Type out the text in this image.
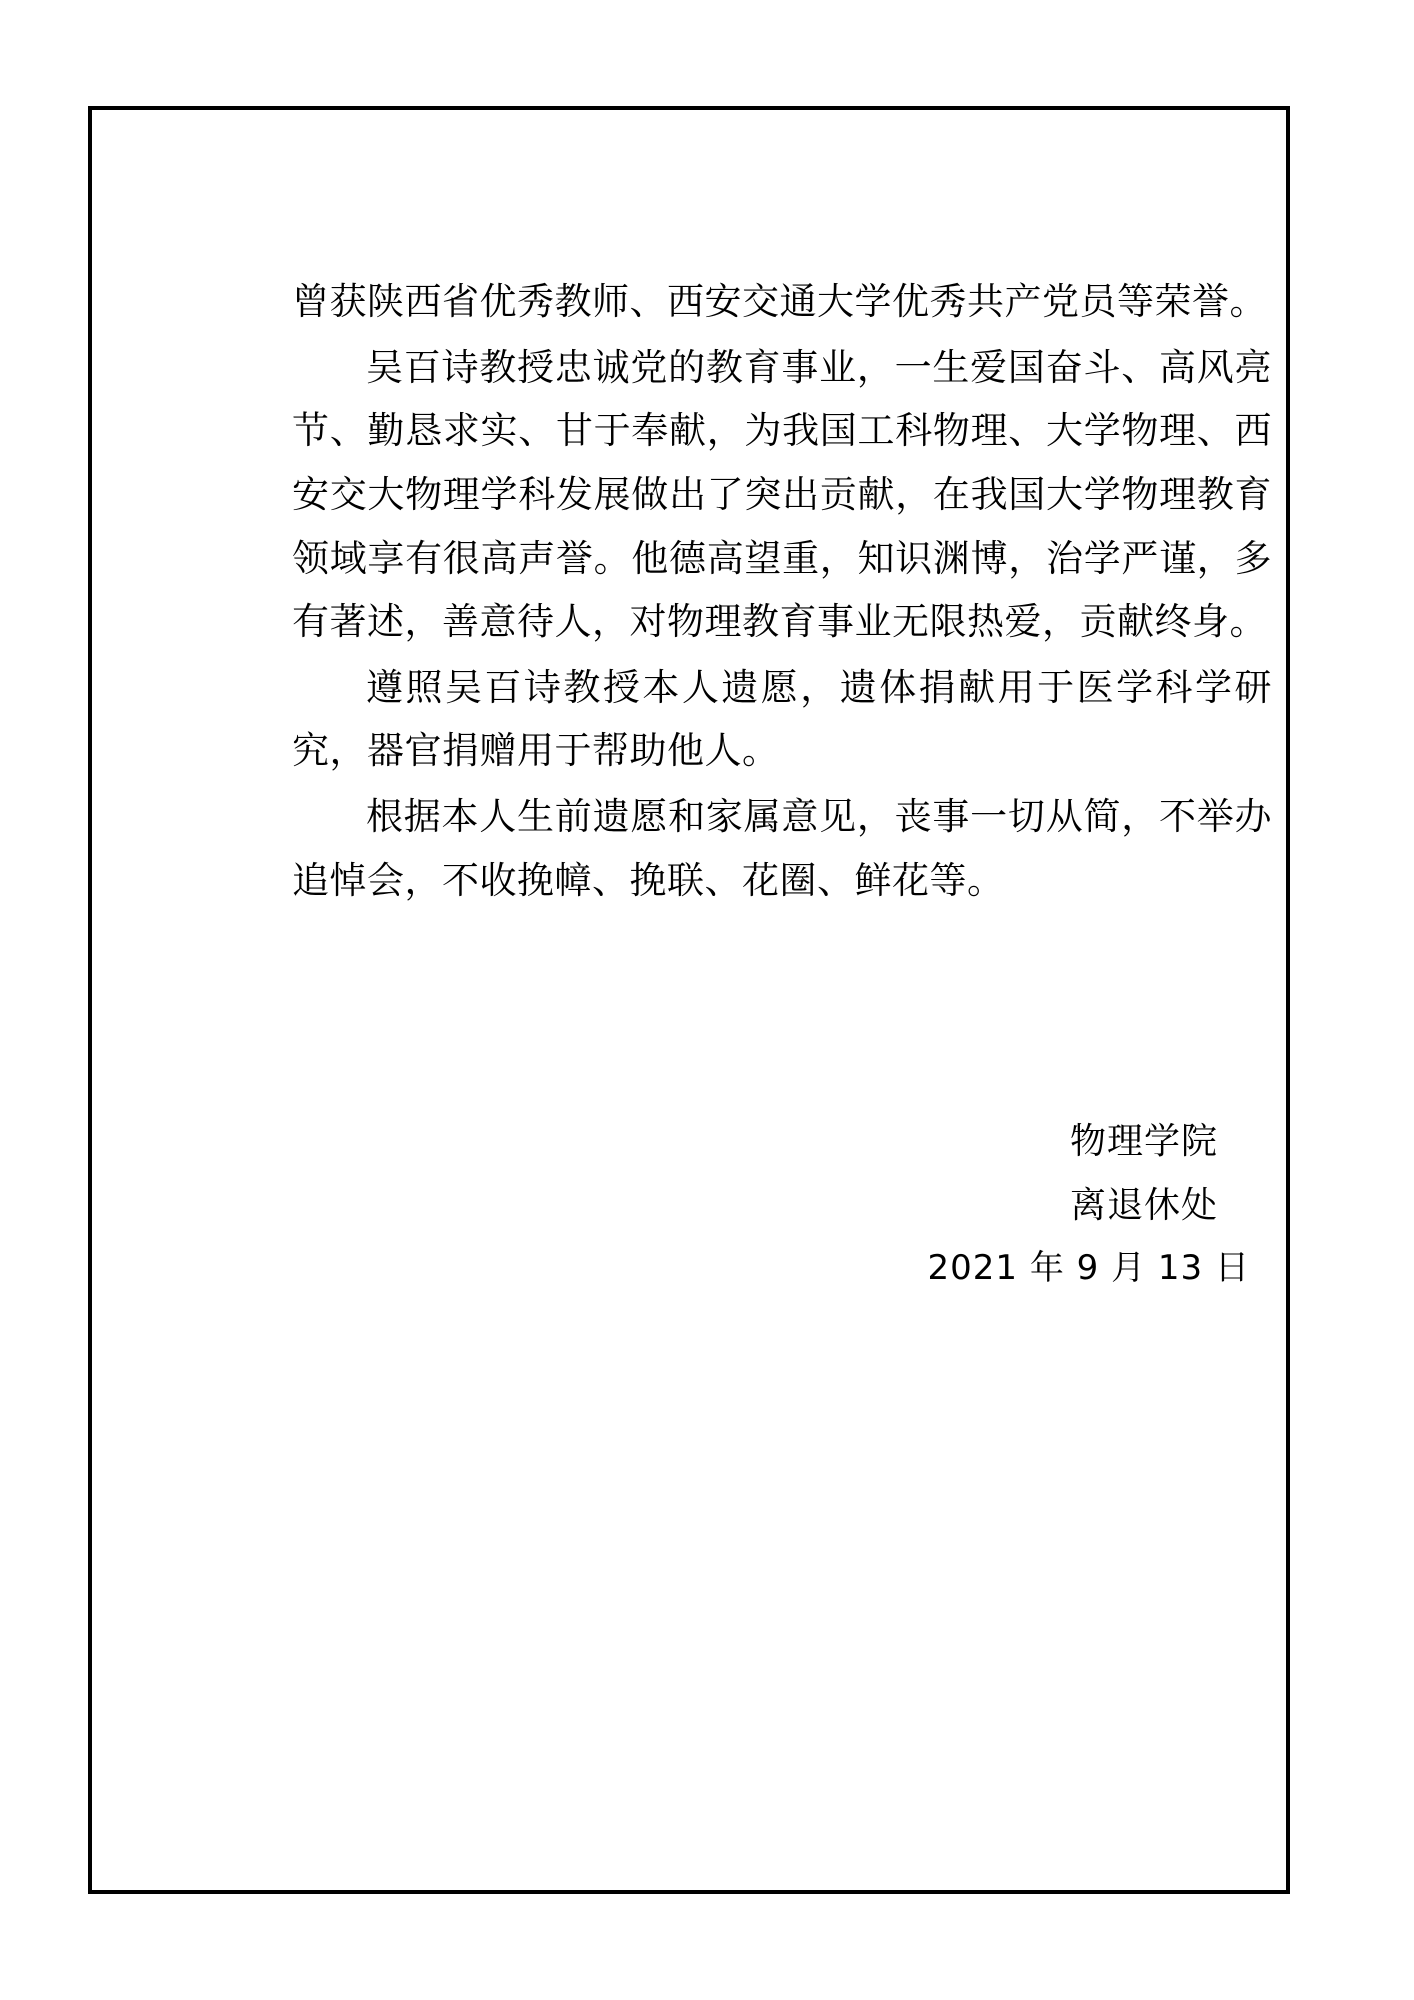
曾获陕西省优秀教师、西安交通大学优秀共产党员等荣誉。

吴百诗教授忠诚党的教育事业，一生爱国奋斗、高风亮节、勤恳求实、甘于奉献，为我国工科物理、大学物理、西安交大物理学科发展做出了突出贡献，在我国大学物理教育领域享有很高声誉。他德高望重，知识渊博，治学严谨，多有著述，善意待人，对物理教育事业无限热爱，贡献终身。

遵照吴百诗教授本人遗愿，遗体捐献用于医学科学研究，器官捐赠用于帮助他人。

根据本人生前遗愿和家属意见，丧事一切从简，不举办追悼会，不收挽幛、挽联、花圈、鲜花等。

物理学院
离退休处
2021 年 9 月 13 日
